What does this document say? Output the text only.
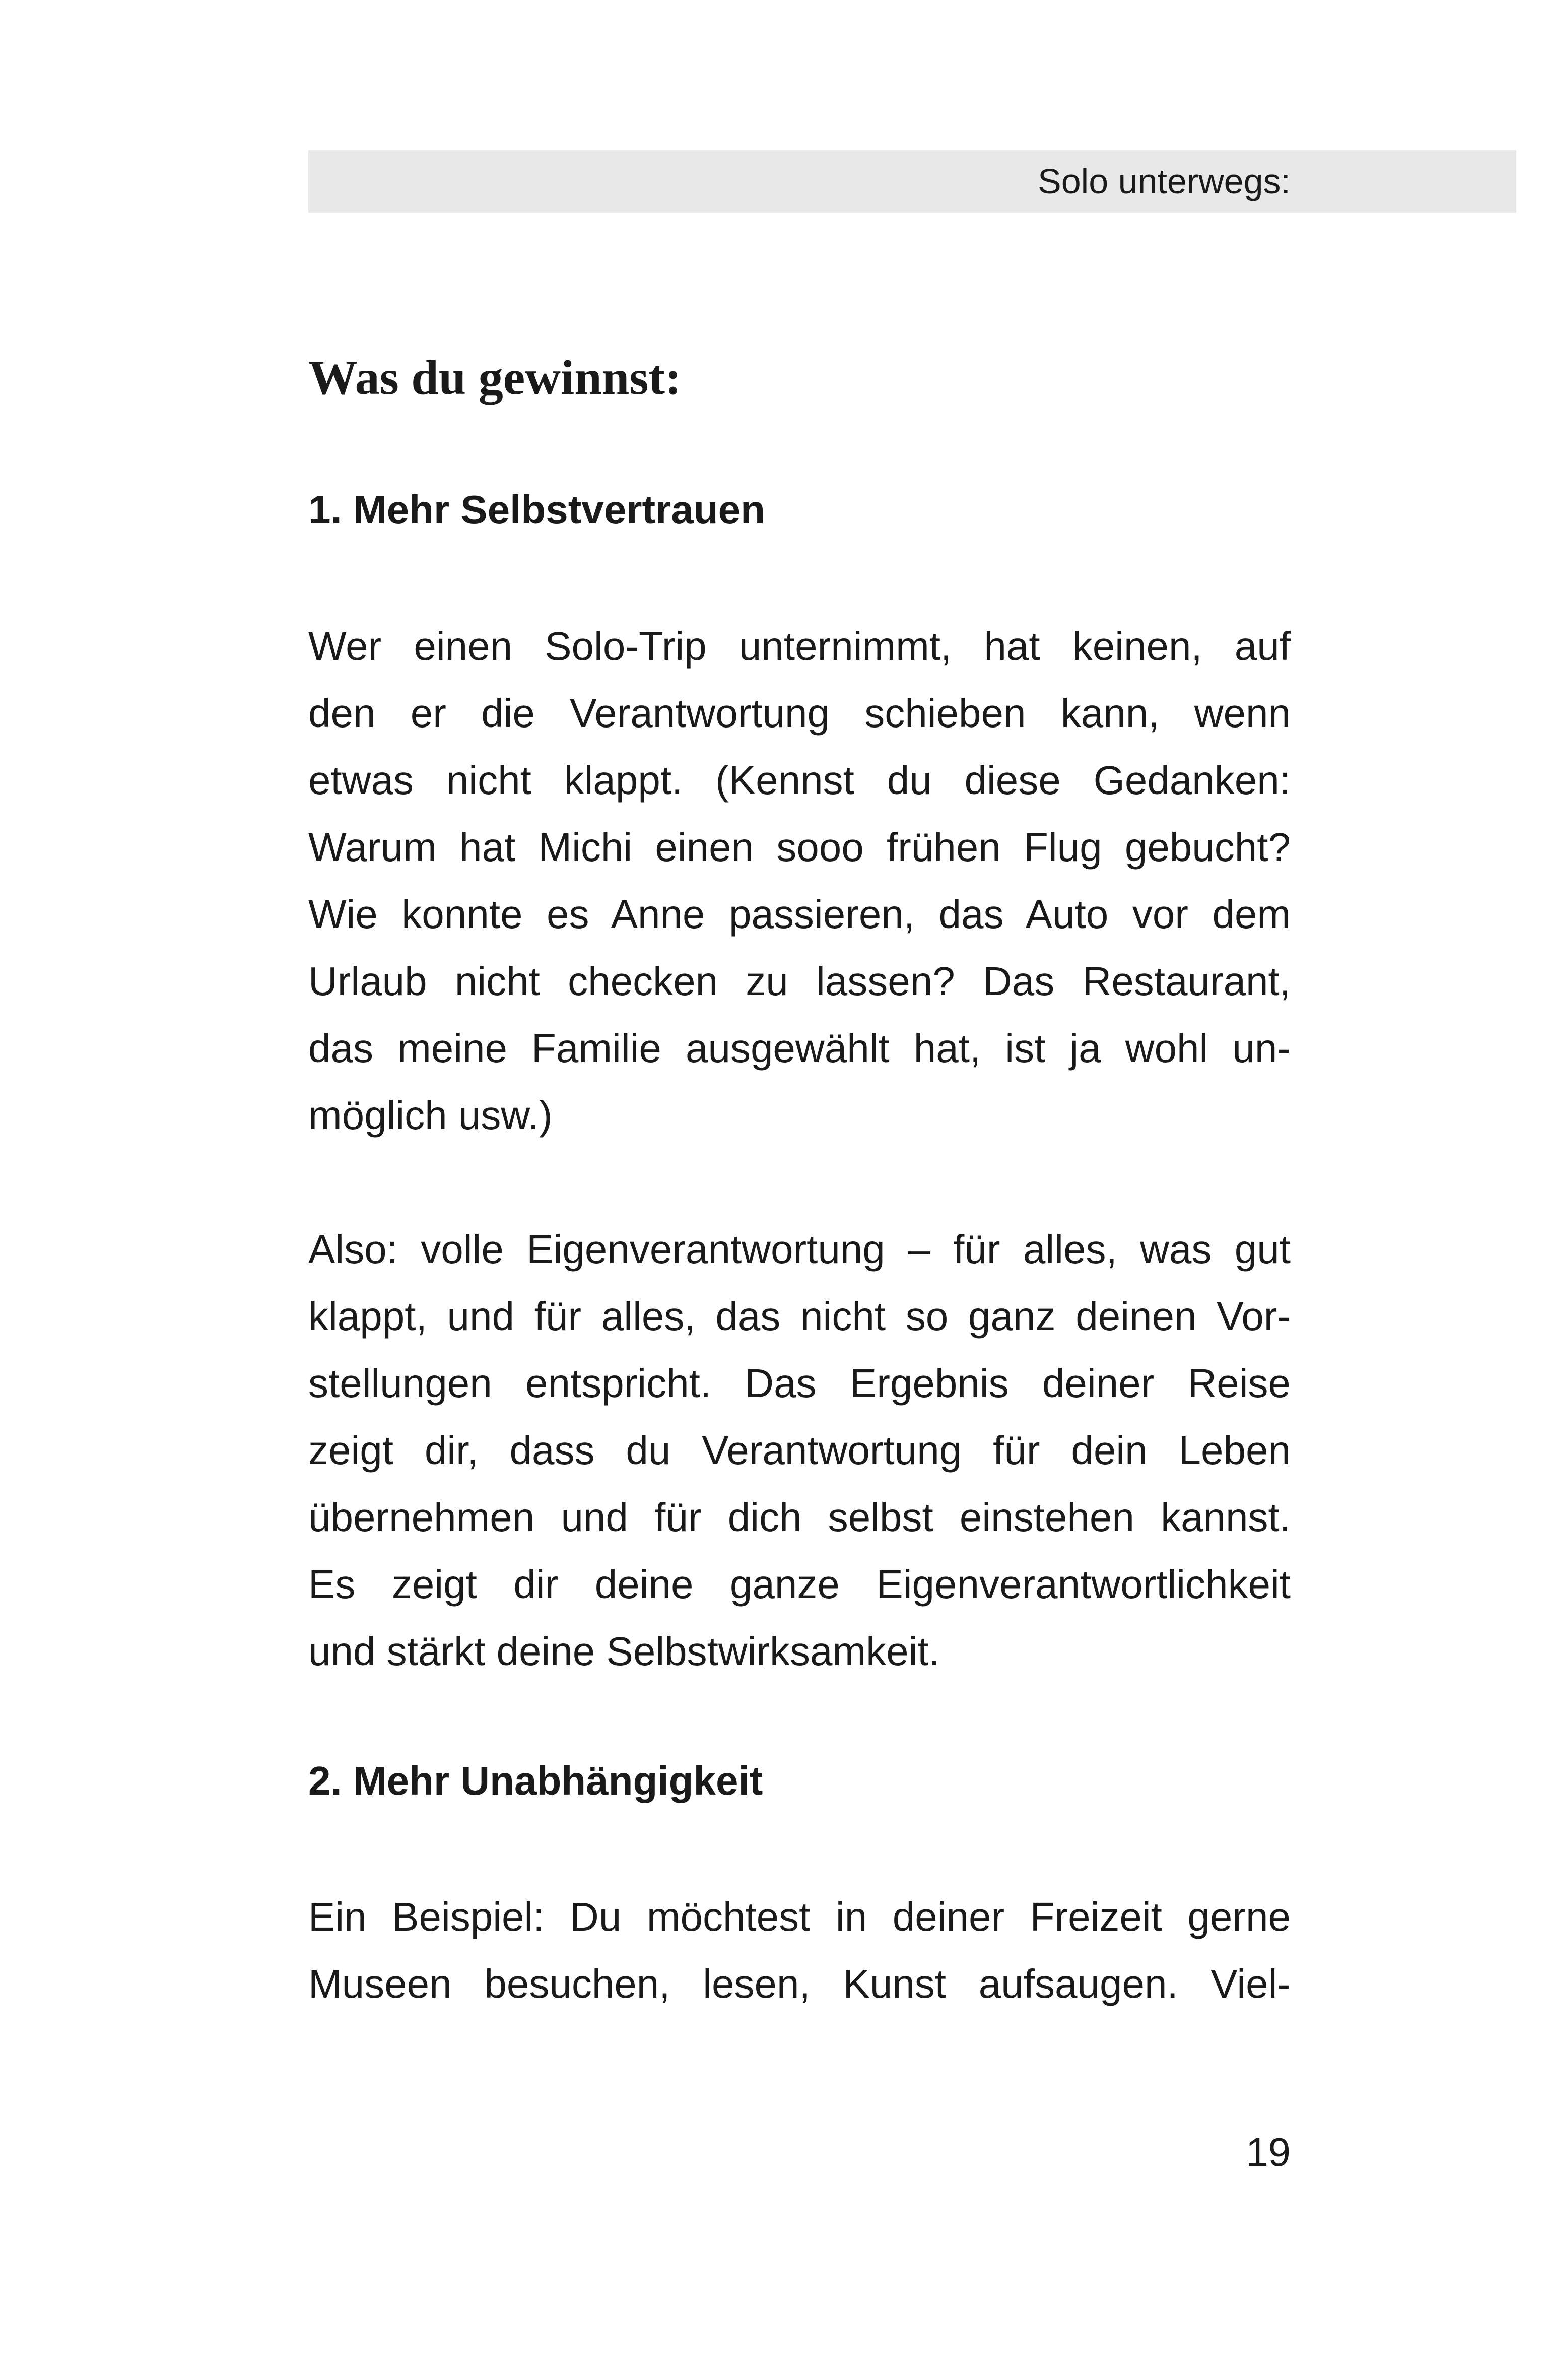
Solo unterwegs:
Was du gewinnst:
1. Mehr Selbstvertrauen

Wer einen Solo-Trip unternimmt, hat keinen, auf
den er die Verantwortung schieben kann, wenn
etwas nicht klappt. (Kennst du diese Gedanken:
Warum hat Michi einen sooo frühen Flug gebucht?
Wie konnte es Anne passieren, das Auto vor dem
Urlaub nicht checken zu lassen? Das Restaurant,
das meine Familie ausgewählt hat, ist ja wohl un-
möglich usw.)

Also: volle Eigenverantwortung – für alles, was gut
klappt, und für alles, das nicht so ganz deinen Vor-
stellungen entspricht. Das Ergebnis deiner Reise
zeigt dir, dass du Verantwortung für dein Leben
übernehmen und für dich selbst einstehen kannst.
Es zeigt dir deine ganze Eigenverantwortlichkeit
und stärkt deine Selbstwirksamkeit.

2. Mehr Unabhängigkeit

Ein Beispiel: Du möchtest in deiner Freizeit gerne
Museen besuchen, lesen, Kunst aufsaugen. Viel-

19
